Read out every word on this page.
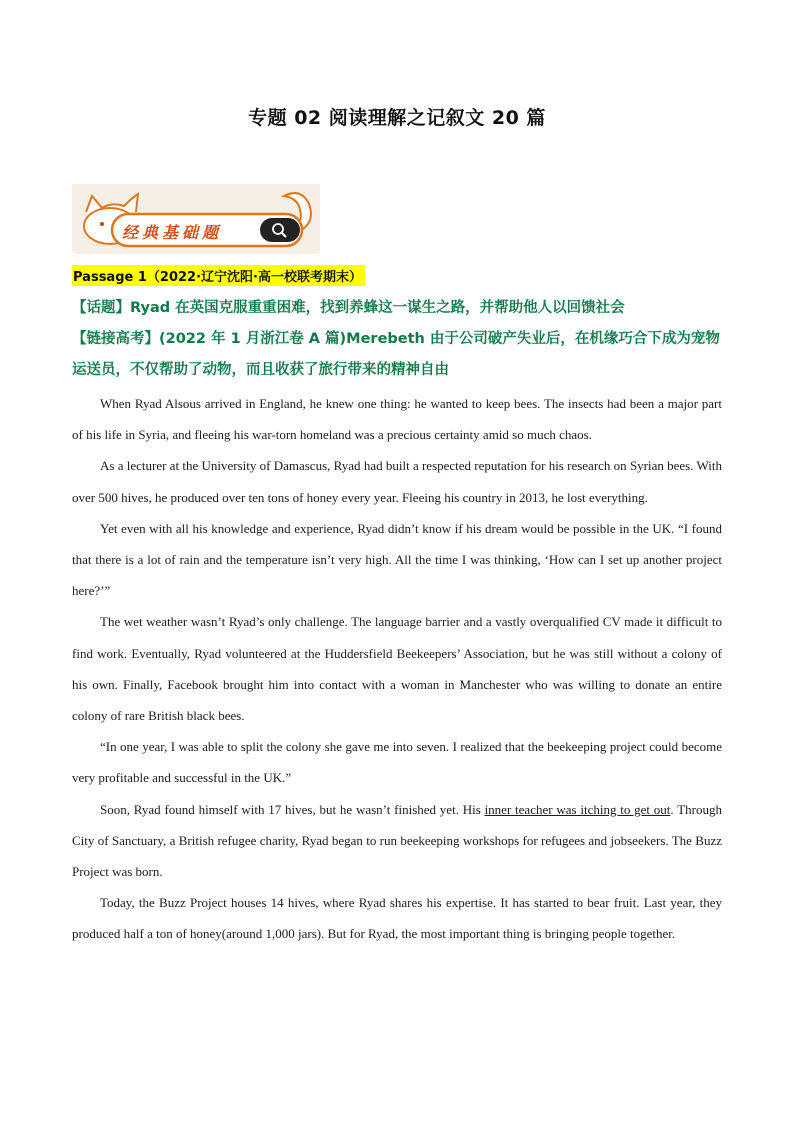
专题 02 阅读理解之记叙文 20 篇
经典基础题
Passage 1（2022·辽宁沈阳·高一校联考期末）
【话题】Ryad 在英国克服重重困难，找到养蜂这一谋生之路，并帮助他人以回馈社会
【链接高考】(2022 年 1 月浙江卷 A 篇)Merebeth 由于公司破产失业后，在机缘巧合下成为宠物运送员，不仅帮助了动物，而且收获了旅行带来的精神自由

When Ryad Alsous arrived in England, he knew one thing: he wanted to keep bees. The insects had been a major part of his life in Syria, and fleeing his war-torn homeland was a precious certainty amid so much chaos.

As a lecturer at the University of Damascus, Ryad had built a respected reputation for his research on Syrian bees. With over 500 hives, he produced over ten tons of honey every year. Fleeing his country in 2013, he lost everything.

Yet even with all his knowledge and experience, Ryad didn’t know if his dream would be possible in the UK. “I found that there is a lot of rain and the temperature isn’t very high. All the time I was thinking, ‘How can I set up another project here?’”

The wet weather wasn’t Ryad’s only challenge. The language barrier and a vastly overqualified CV made it difficult to find work. Eventually, Ryad volunteered at the Huddersfield Beekeepers’ Association, but he was still without a colony of his own. Finally, Facebook brought him into contact with a woman in Manchester who was willing to donate an entire colony of rare British black bees.

“In one year, I was able to split the colony she gave me into seven. I realized that the beekeeping project could become very profitable and successful in the UK.”

Soon, Ryad found himself with 17 hives, but he wasn’t finished yet. His inner teacher was itching to get out. Through City of Sanctuary, a British refugee charity, Ryad began to run beekeeping workshops for refugees and jobseekers. The Buzz Project was born.

Today, the Buzz Project houses 14 hives, where Ryad shares his expertise. It has started to bear fruit. Last year, they produced half a ton of honey(around 1,000 jars). But for Ryad, the most important thing is bringing people together.
